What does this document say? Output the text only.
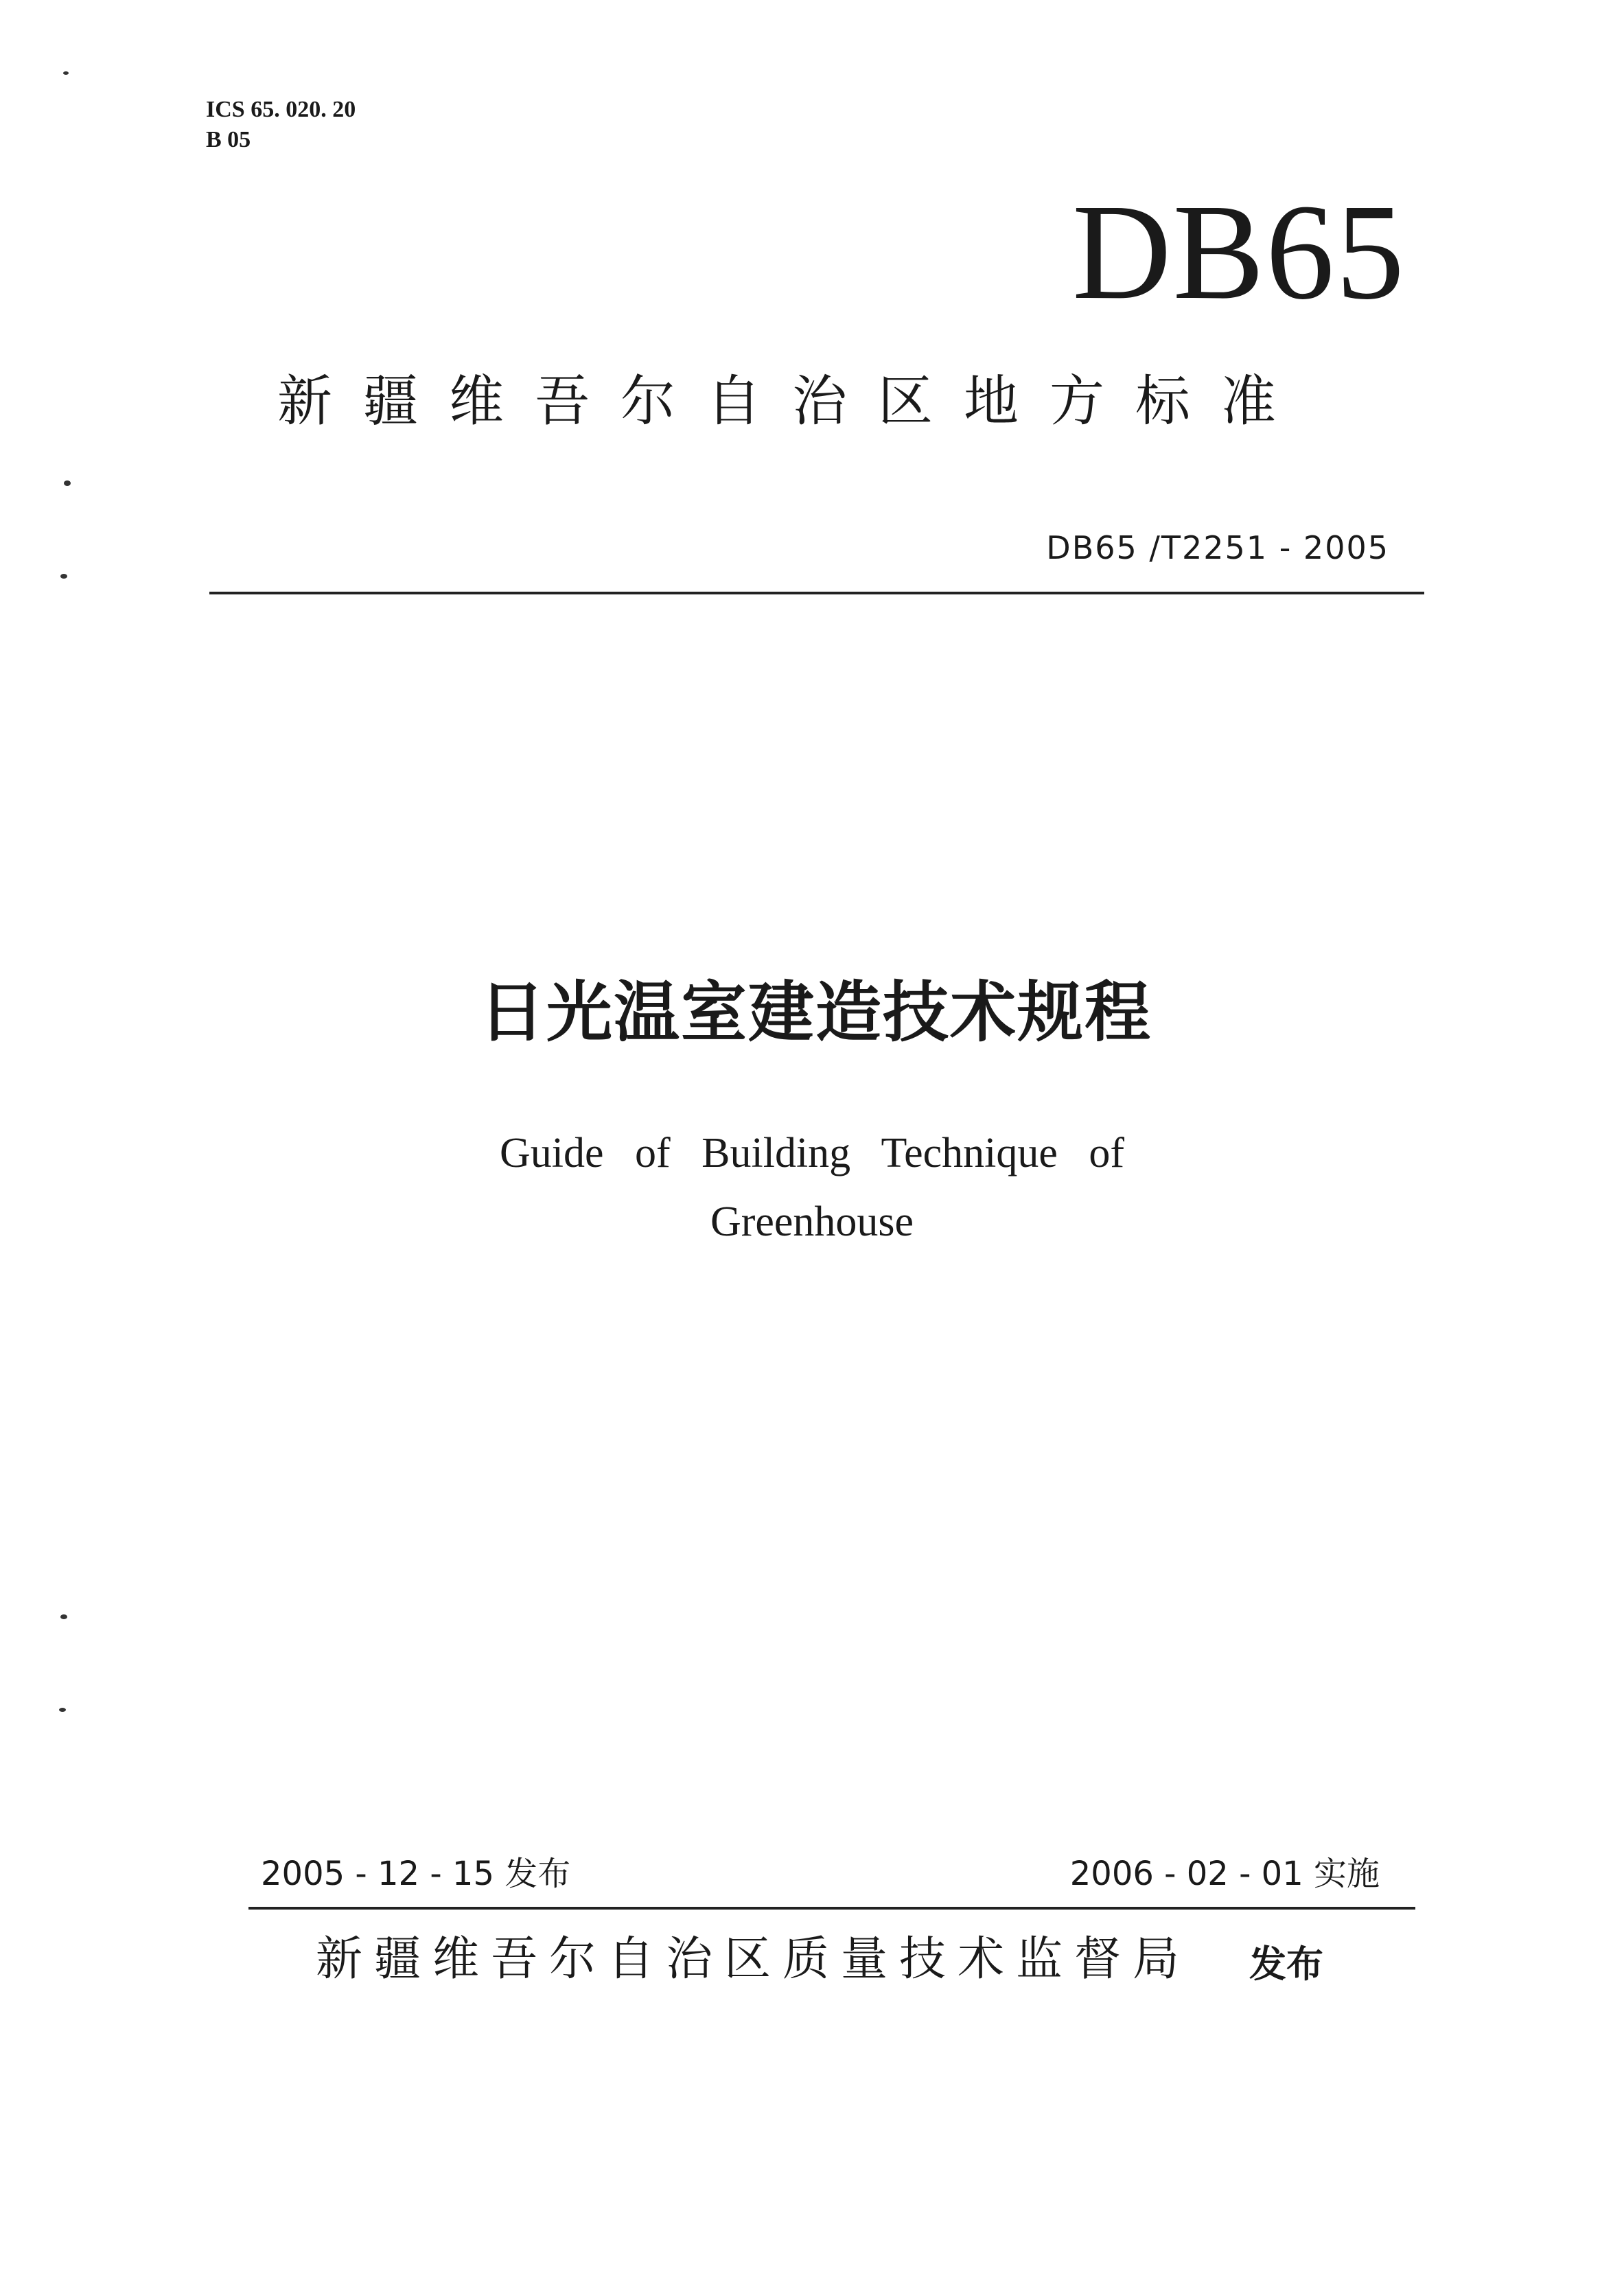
ICS 65. 020. 20
B 05
DB65
新疆维吾尔自治区地方标准
DB65 /T2251 - 2005
日光温室建造技术规程
Guide of Building Technique of
Greenhouse
2005 - 12 - 15 发布	2006 - 02 - 01 实施
新疆维吾尔自治区质量技术监督局 发布
